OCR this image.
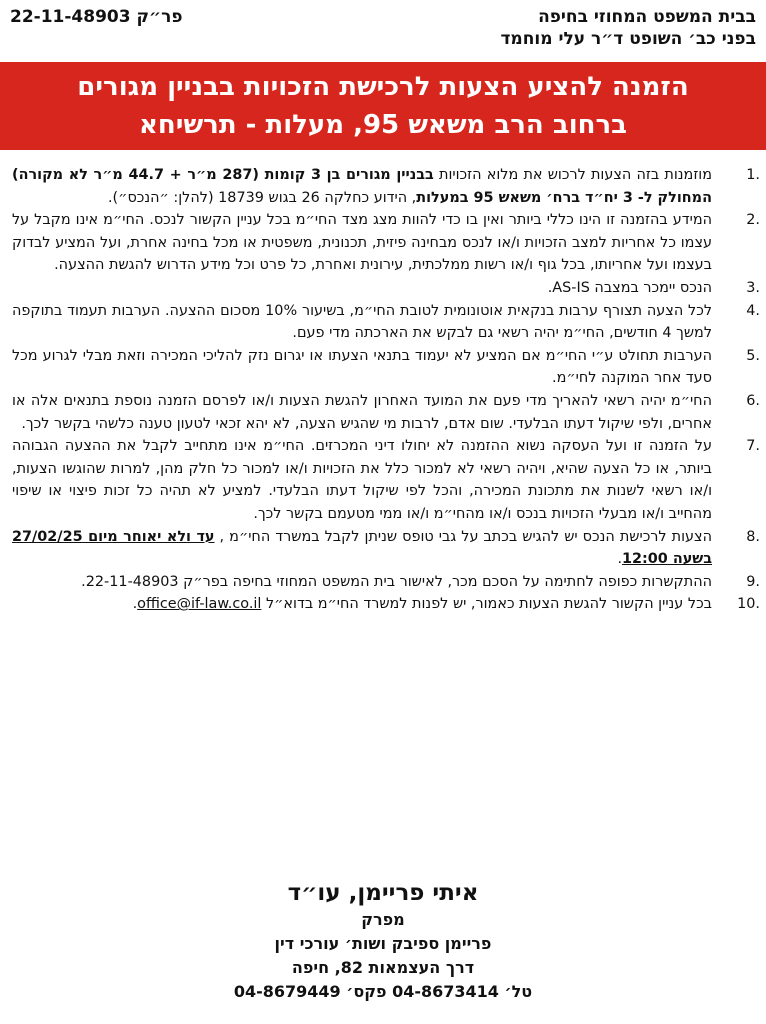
בבית המשפט המחוזי בחיפה
פר״ק 22-11-48903
בפני כב׳ השופט ד״ר עלי מוחמד
הזמנה להציע הצעות לרכישת הזכויות בבניין מגורים
ברחוב הרב משאש 95, מעלות - תרשיחא
1.
מוזמנות בזה הצעות לרכוש את מלוא הזכויות בבניין מגורים בן 3 קומות (287 מ״ר + 44.7 מ״ר לא מקורה) המחולק ל- 3 יח״ד ברח׳ משאש 95 במעלות, הידוע כחלקה 26 בגוש 18739 (להלן: ״הנכס״).
2.
המידע בהזמנה זו הינו כללי ביותר ואין בו כדי להוות מצג מצד החי״מ בכל עניין הקשור לנכס. החי״מ אינו מקבל על עצמו כל אחריות למצב הזכויות ו/או לנכס מבחינה פיזית, תכנונית, משפטית או מכל בחינה אחרת, ועל המציע לבדוק בעצמו ועל אחריותו, בכל גוף ו/או רשות ממלכתית, עירונית ואחרת, כל פרט וכל מידע הדרוש להגשת ההצעה.
3.
הנכס יימכר במצבה AS-IS.
4.
לכל הצעה תצורף ערבות בנקאית אוטונומית לטובת החי״מ, בשיעור 10% מסכום ההצעה. הערבות תעמוד בתוקפה למשך 4 חודשים, החי״מ יהיה רשאי גם לבקש את הארכתה מדי פעם.
5.
הערבות תחולט ע״י החי״מ אם המציע לא יעמוד בתנאי הצעתו או יגרום נזק להליכי המכירה וזאת מבלי לגרוע מכל סעד אחר המוקנה לחי״מ.
6.
החי״מ יהיה רשאי להאריך מדי פעם את המועד האחרון להגשת הצעות ו/או לפרסם הזמנה נוספת בתנאים אלה או אחרים, ולפי שיקול דעתו הבלעדי. שום אדם, לרבות מי שהגיש הצעה, לא יהא זכאי לטעון טענה כלשהי בקשר לכך.
7.
על הזמנה זו ועל העסקה נשוא ההזמנה לא יחולו דיני המכרזים. החי״מ אינו מתחייב לקבל את ההצעה הגבוהה ביותר, או כל הצעה שהיא, ויהיה רשאי לא למכור כלל את הזכויות ו/או למכור כל חלק מהן, למרות שהוגשו הצעות, ו/או רשאי לשנות את מתכונת המכירה, והכל לפי שיקול דעתו הבלעדי. למציע לא תהיה כל זכות פיצוי או שיפוי מהחייב ו/או מבעלי הזכויות בנכס ו/או מהחי״מ ו/או ממי מטעמם בקשר לכך.
8.
הצעות לרכישת הנכס יש להגיש בכתב על גבי טופס שניתן לקבל במשרד החי״מ , עד ולא יאוחר מיום 27/02/25 בשעה 12:00.
9.
ההתקשרות כפופה לחתימה על הסכם מכר, לאישור בית המשפט המחוזי בחיפה בפר״ק 22-11-48903.
10.
בכל עניין הקשור להגשת הצעות כאמור, יש לפנות למשרד החי״מ בדוא״ל office@if-law.co.il.
איתי פריימן, עו״ד
מפרק
פריימן ספיבק ושות׳ עורכי דין
דרך העצמאות 82, חיפה
טל׳ 04-8673414 פקס׳ 04-8679449
